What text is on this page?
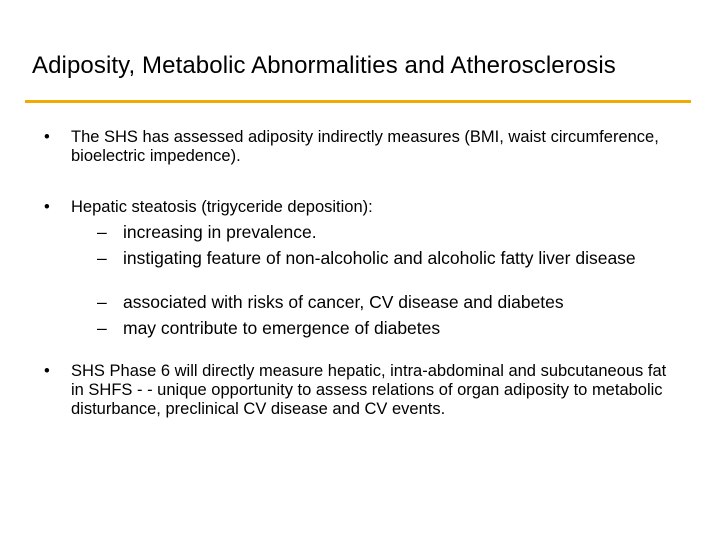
Adiposity, Metabolic Abnormalities and Atherosclerosis
• The SHS has assessed adiposity indirectly measures (BMI, waist circumference, bioelectric impedence).
• Hepatic steatosis (trigyceride deposition):
– increasing in prevalence.
– instigating feature of non-alcoholic and alcoholic fatty liver disease
– associated with risks of cancer, CV disease and diabetes
– may contribute to emergence of diabetes
• SHS Phase 6 will directly measure hepatic, intra-abdominal and subcutaneous fat in SHFS - - unique opportunity to assess relations of organ adiposity to metabolic disturbance, preclinical CV disease and CV events.
